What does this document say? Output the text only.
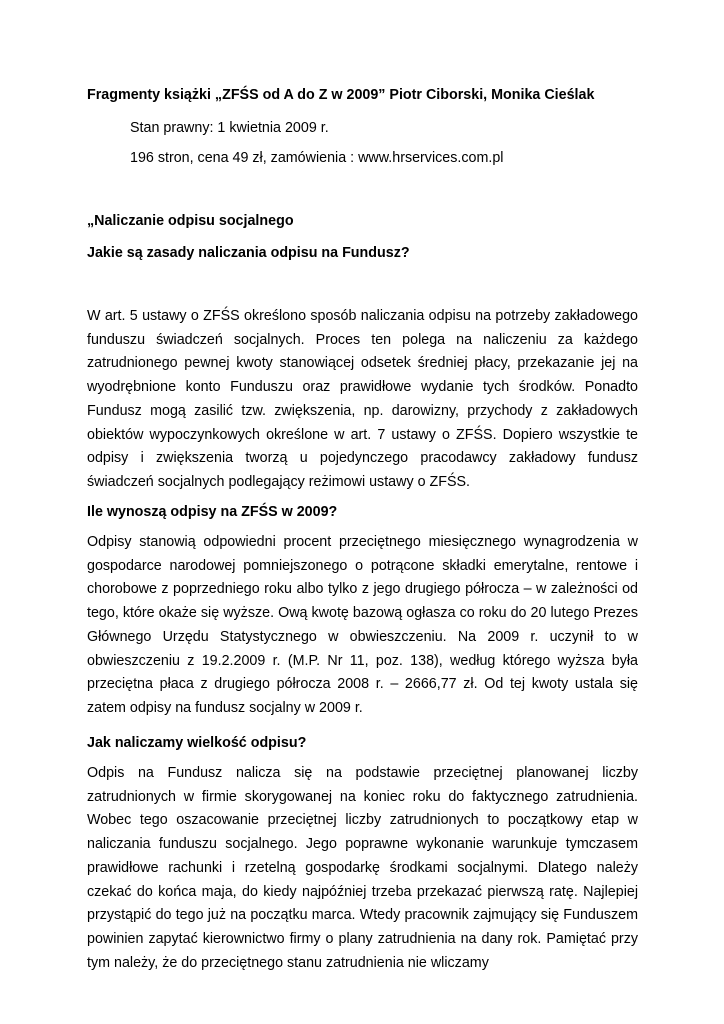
Fragmenty książki „ZFŚS od A do Z w 2009” Piotr Ciborski, Monika Cieślak
Stan prawny: 1 kwietnia 2009 r.
196 stron, cena 49 zł, zamówienia : www.hrservices.com.pl
„Naliczanie odpisu socjalnego
Jakie są zasady naliczania odpisu na Fundusz?

W art. 5 ustawy o ZFŚS określono sposób naliczania odpisu na potrzeby zakładowego funduszu świadczeń socjalnych. Proces ten polega na naliczeniu za każdego zatrudnionego pewnej kwoty stanowiącej odsetek średniej płacy, przekazanie jej na wyodrębnione konto Funduszu oraz prawidłowe wydanie tych środków. Ponadto Fundusz mogą zasilić tzw. zwiększenia, np. darowizny, przychody z zakładowych obiektów wypoczynkowych określone w art. 7 ustawy o ZFŚS. Dopiero wszystkie te odpisy i zwiększenia tworzą u pojedynczego pracodawcy zakładowy fundusz świadczeń socjalnych podlegający reżimowi ustawy o ZFŚS.

Ile wynoszą odpisy na ZFŚS w 2009?

Odpisy stanowią odpowiedni procent przeciętnego miesięcznego wynagrodzenia w gospodarce narodowej pomniejszonego o potrącone składki emerytalne, rentowe i chorobowe z poprzedniego roku albo tylko z jego drugiego półrocza – w zależności od tego, które okaże się wyższe. Ową kwotę bazową ogłasza co roku do 20 lutego Prezes Głównego Urzędu Statystycznego w obwieszczeniu. Na 2009 r. uczynił to w obwieszczeniu z 19.2.2009 r. (M.P. Nr 11, poz. 138), według którego wyższa była przeciętna płaca z drugiego półrocza 2008 r. – 2666,77 zł. Od tej kwoty ustala się zatem odpisy na fundusz socjalny w 2009 r.

Jak naliczamy wielkość odpisu?

Odpis na Fundusz nalicza się na podstawie przeciętnej planowanej liczby zatrudnionych w firmie skorygowanej na koniec roku do faktycznego zatrudnienia. Wobec tego oszacowanie przeciętnej liczby zatrudnionych to początkowy etap w naliczania funduszu socjalnego. Jego poprawne wykonanie warunkuje tymczasem prawidłowe rachunki i rzetelną gospodarkę środkami socjalnymi. Dlatego należy czekać do końca maja, do kiedy najpóźniej trzeba przekazać pierwszą ratę. Najlepiej przystąpić do tego już na początku marca. Wtedy pracownik zajmujący się Funduszem powinien zapytać kierownictwo firmy o plany zatrudnienia na dany rok. Pamiętać przy tym należy, że do przeciętnego stanu zatrudnienia nie wliczamy
